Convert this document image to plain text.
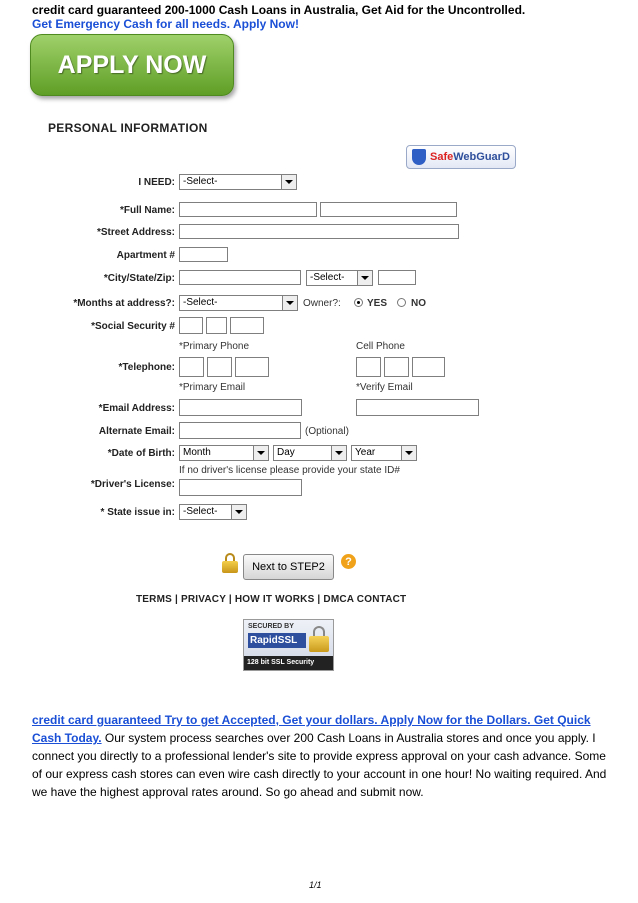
credit card guaranteed 200-1000 Cash Loans in Australia, Get Aid for the Uncontrolled.
Get Emergency Cash for all needs. Apply Now!
APPLY NOW
PERSONAL INFORMATION
Safe WebGuarD
I NEED: -Select-
*Full Name:
*Street Address:
Apartment #
*City/State/Zip:	-Select-
*Months at address?: -Select-	Owner?:	YES NO
*Social Security #
*Primary Phone	Cell Phone
*Telephone:
*Primary Email	*Verify Email
*Email Address:
Alternate Email:	(Optional)
*Date of Birth: Month	Day	Year
If no driver's license please provide your state ID#
*Driver's License:
* State issue in: -Select-
Next to STEP2	?
TERMS | PRIVACY | HOW IT WORKS | DMCA CONTACT
SECURED BY
RapidSSL
128 bit SSL Security
credit card guaranteed Try to get Accepted, Get your dollars. Apply Now for the Dollars. Get Quick Cash Today. Our system process searches over 200 Cash Loans in Australia stores and once you apply. I connect you directly to a professional lender's site to provide express approval on your cash advance. Some of our express cash stores can even wire cash directly to your account in one hour! No waiting required. And we have the highest approval rates around. So go ahead and submit now.
1/1
